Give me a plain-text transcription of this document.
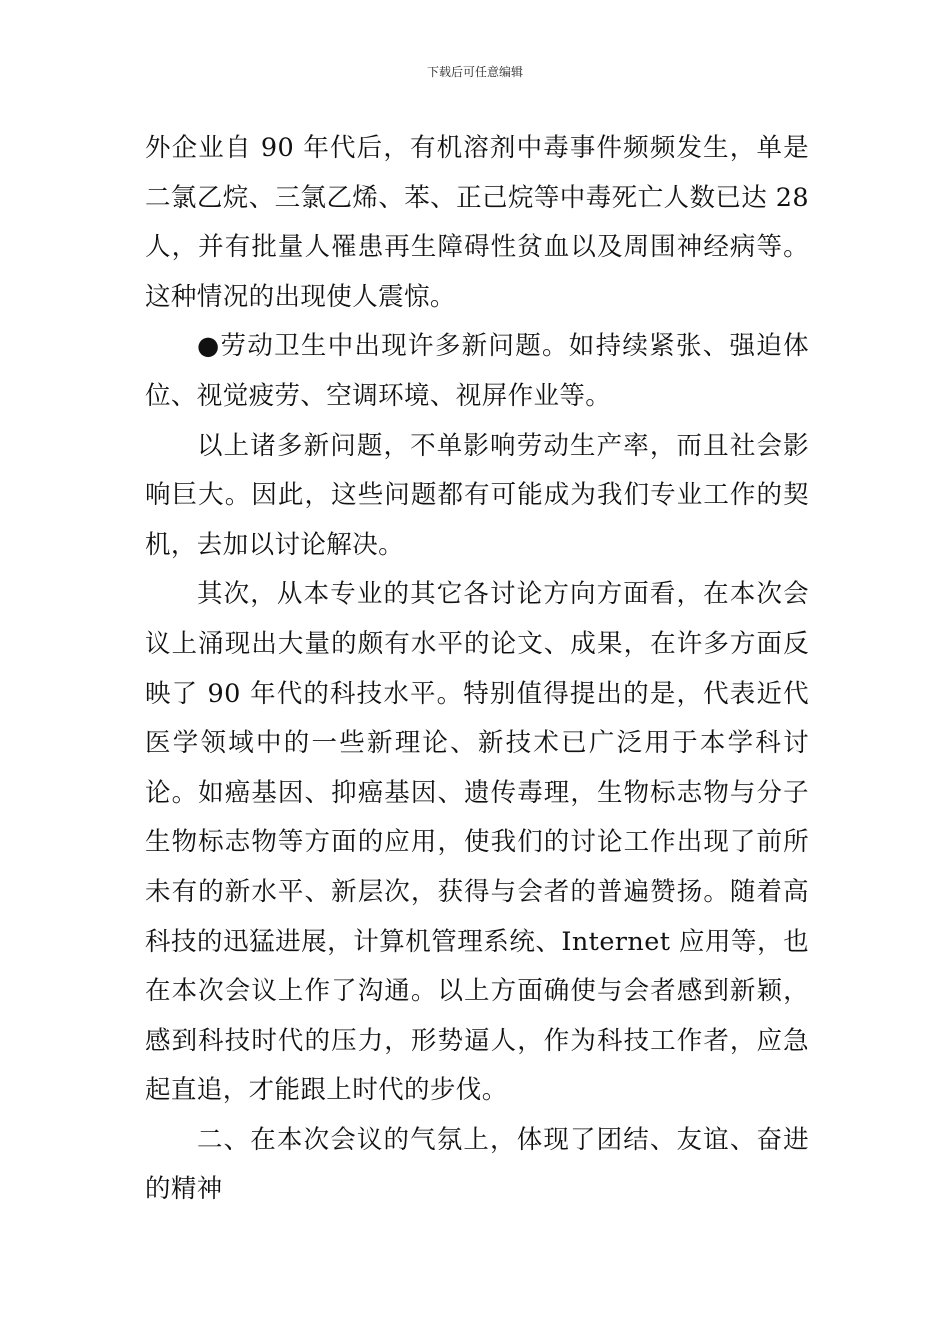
下载后可任意编辑

外企业自 90 年代后，有机溶剂中毒事件频频发生，单是二氯乙烷、三氯乙烯、苯、正己烷等中毒死亡人数已达 28 人，并有批量人罹患再生障碍性贫血以及周围神经病等。这种情况的出现使人震惊。

●劳动卫生中出现许多新问题。如持续紧张、强迫体位、视觉疲劳、空调环境、视屏作业等。

以上诸多新问题，不单影响劳动生产率，而且社会影响巨大。因此，这些问题都有可能成为我们专业工作的契机，去加以讨论解决。

其次，从本专业的其它各讨论方向方面看，在本次会议上涌现出大量的颇有水平的论文、成果，在许多方面反映了 90 年代的科技水平。特别值得提出的是，代表近代医学领域中的一些新理论、新技术已广泛用于本学科讨论。如癌基因、抑癌基因、遗传毒理，生物标志物与分子生物标志物等方面的应用，使我们的讨论工作出现了前所未有的新水平、新层次，获得与会者的普遍赞扬。随着高科技的迅猛进展，计算机管理系统、Internet 应用等，也在本次会议上作了沟通。以上方面确使与会者感到新颖，感到科技时代的压力，形势逼人，作为科技工作者，应急起直追，才能跟上时代的步伐。

二、在本次会议的气氛上，体现了团结、友谊、奋进的精神
